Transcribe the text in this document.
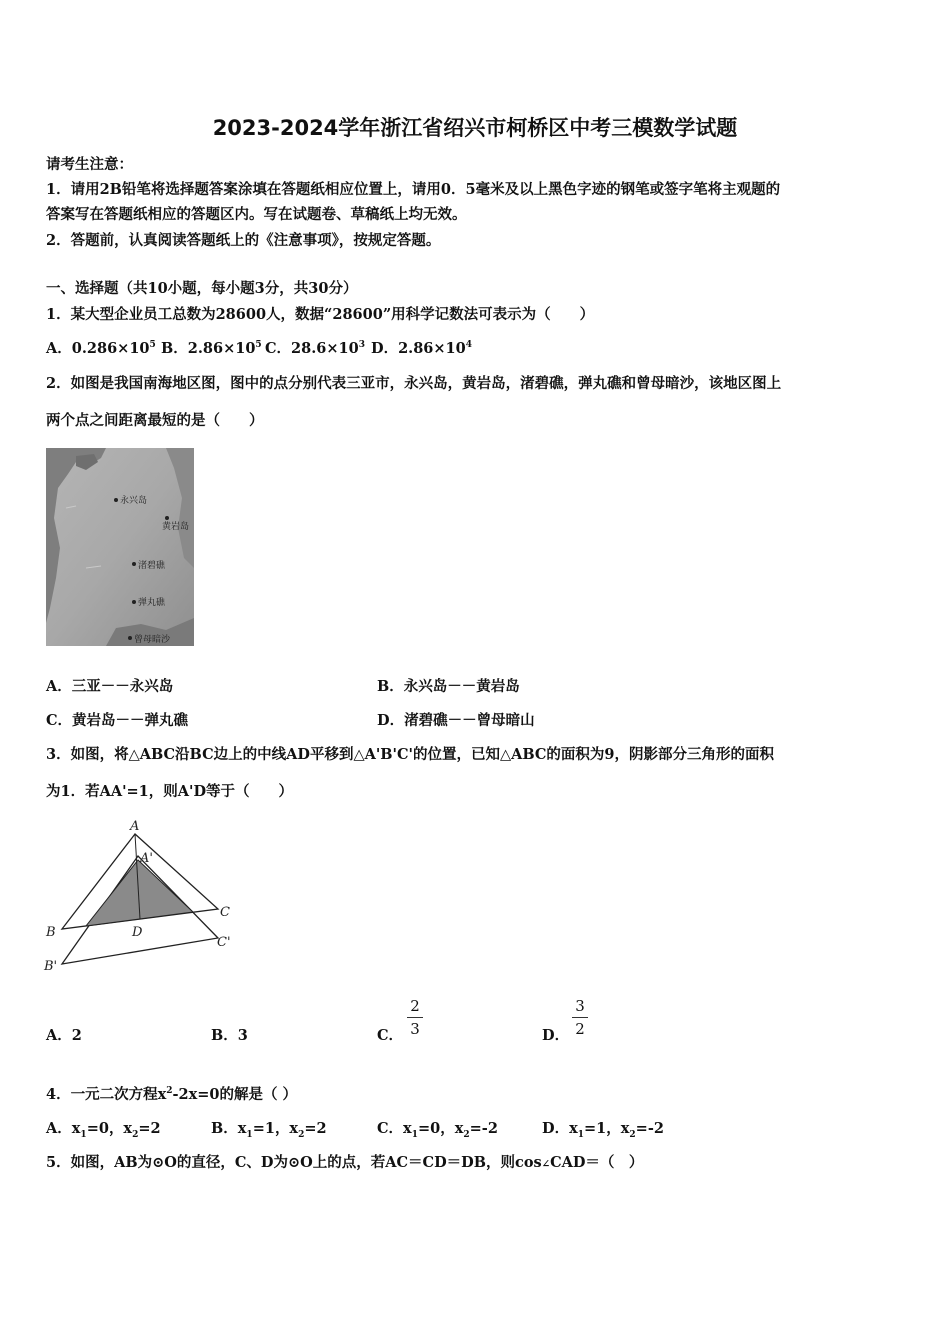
2023-2024学年浙江省绍兴市柯桥区中考三模数学试题
请考生注意：
1．请用2B铅笔将选择题答案涂填在答题纸相应位置上，请用0．5毫米及以上黑色字迹的钢笔或签字笔将主观题的
答案写在答题纸相应的答题区内。写在试题卷、草稿纸上均无效。
2．答题前，认真阅读答题纸上的《注意事项》，按规定答题。
一、选择题（共10小题，每小题3分，共30分）
1．某大型企业员工总数为28600人，数据“28600”用科学记数法可表示为（　　）
A．$0.286\times 10^5$ B．$2.86\times 10^5$ C．$28.6\times 10^3$ D．$2.86\times 10^4$
2．如图是我国南海地区图，图中的点分别代表三亚市，永兴岛，黄岩岛，渚碧礁，弹丸礁和曾母暗沙，该地区图上
两个点之间距离最短的是（　　）
永兴岛
黄岩岛
渚碧礁
弹丸礁
曾母暗沙
A．三亚－－永兴岛	B．永兴岛－－黄岩岛
C．黄岩岛－－弹丸礁	D．渚碧礁－－曾母暗山
3．如图，将△ABC沿BC边上的中线AD平移到△A'B'C'的位置，已知△ABC的面积为9，阴影部分三角形的面积
为1．若AA'=1，则A'D等于（　　）
A
A'
B
B'
C
C'
D
A．2	B．3	C．
2
3	D．
3
2
4．一元二次方程$x^2-2x=0$的解是（ ）
A．$x_1=0$，$x_2=2$	B．$x_1=1$，$x_2=2$	C．$x_1=0$，$x_2=-2$	D．$x_1=1$，$x_2=-2$
5．如图，AB为⊙O的直径，C、D为⊙O上的点，若AC＝CD＝DB，则cos∠CAD＝（　）
